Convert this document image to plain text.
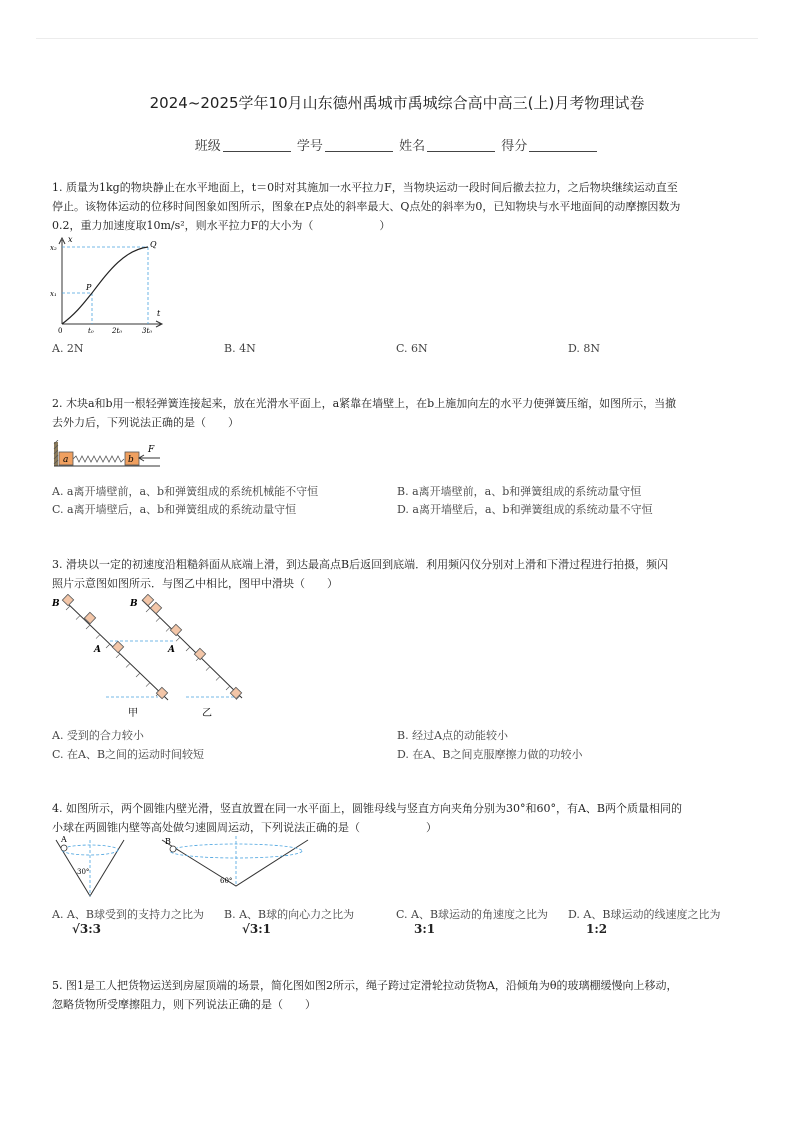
2024~2025学年10月山东德州禹城市禹城综合高中高三(上)月考物理试卷
班级	学号	姓名	得分

1. 质量为1kg的物块静止在水平地面上，t＝0时对其施加一水平拉力F，当物块运动一段时间后撤去拉力，之后物块继续运动直至

停止。该物体运动的位移时间图象如图所示，图象在P点处的斜率最大、Q点处的斜率为0，已知物块与水平地面间的动摩擦因数为

0.2，重力加速度取10m/s²，则水平拉力F的大小为（　　　　　　）

x
t
x₂
x₁
0	t₀	2t₀	3t₀
P
Q
A. 2N	B. 4N	C. 6N	D. 8N

2. 木块a和b用一根轻弹簧连接起来，放在光滑水平面上，a紧靠在墙壁上，在b上施加向左的水平力使弹簧压缩，如图所示，当撤

去外力后，下列说法正确的是（　　）

a	b
F
A. a离开墙壁前，a、b和弹簧组成的系统机械能不守恒	B. a离开墙壁前，a、b和弹簧组成的系统动量守恒
C. a离开墙壁后，a、b和弹簧组成的系统动量守恒	D. a离开墙壁后，a、b和弹簧组成的系统动量不守恒

3. 滑块以一定的初速度沿粗糙斜面从底端上滑，到达最高点B后返回到底端．利用频闪仪分别对上滑和下滑过程进行拍摄，频闪

照片示意图如图所示．与图乙中相比，图甲中滑块（　　）

B	B
A	A
甲	乙
A. 受到的合力较小	B. 经过A点的动能较小
C. 在A、B之间的运动时间较短	D. 在A、B之间克服摩擦力做的功较小

4. 如图所示，两个圆锥内壁光滑，竖直放置在同一水平面上，圆锥母线与竖直方向夹角分别为30°和60°，有A、B两个质量相同的

小球在两圆锥内壁等高处做匀速圆周运动，下列说法正确的是（　　　　　　）

A
30°
B
60°
A. A、B球受到的支持力之比为
√3:3
B. A、B球的向心力之比为
√3:1
C. A、B球运动的角速度之比为
3:1
D. A、B球运动的线速度之比为
1:2

5. 图1是工人把货物运送到房屋顶端的场景，简化图如图2所示，绳子跨过定滑轮拉动货物A，沿倾角为θ的玻璃棚缓慢向上移动，

忽略货物所受摩擦阻力，则下列说法正确的是（　　）
